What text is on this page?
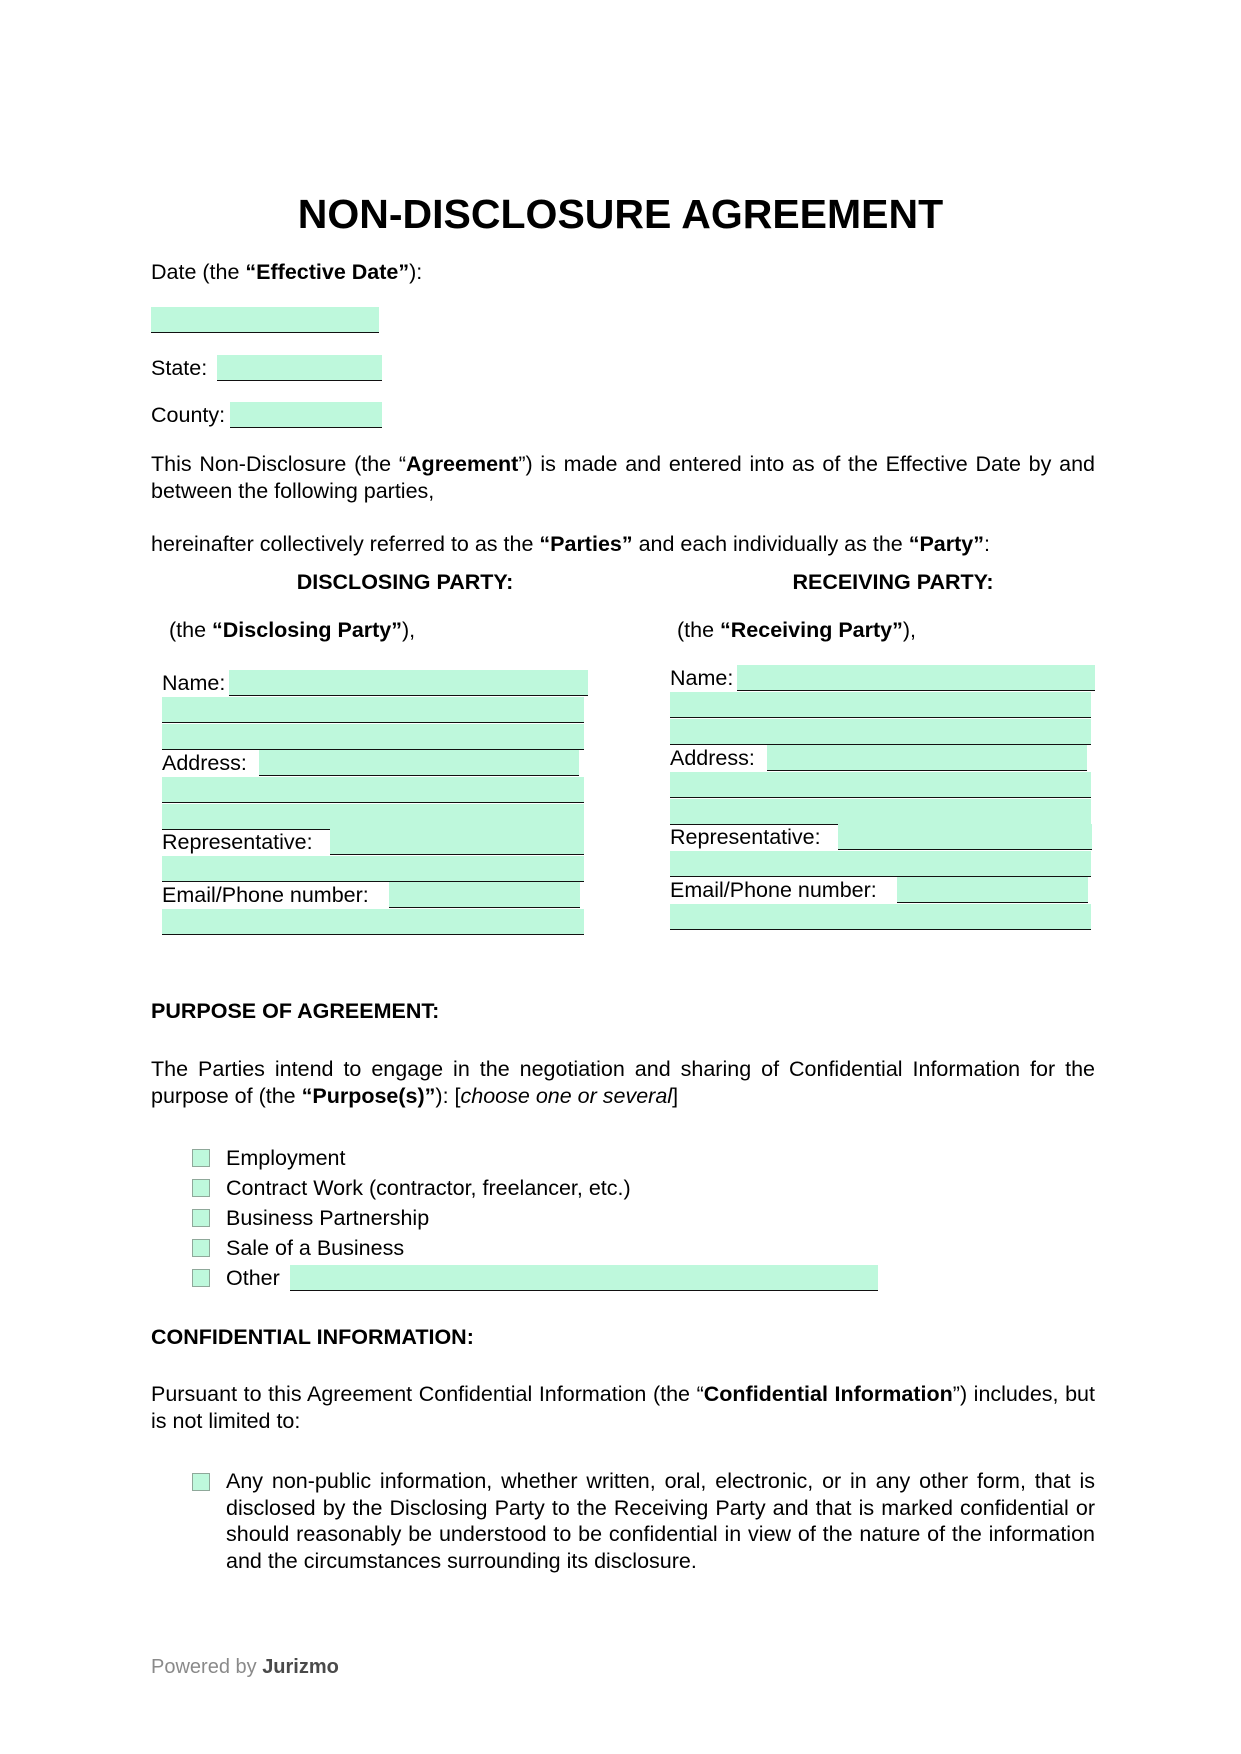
NON-DISCLOSURE AGREEMENT
Date (the “Effective Date”):
State:
County:
This Non-Disclosure (the “Agreement”) is made and entered into as of the Effective Date by and between the following parties,
hereinafter collectively referred to as the “Parties” and each individually as the “Party”:
DISCLOSING PARTY:
(the “Disclosing Party”),
Name:
Address:
Representative:
Email/Phone number:
RECEIVING PARTY:
(the “Receiving Party”),
Name:
Address:
Representative:
Email/Phone number:
PURPOSE OF AGREEMENT:
The Parties intend to engage in the negotiation and sharing of Confidential Information for the purpose of (the “Purpose(s)”): [choose one or several]
Employment
Contract Work (contractor, freelancer, etc.)
Business Partnership
Sale of a Business
Other
CONFIDENTIAL INFORMATION:
Pursuant to this Agreement Confidential Information (the “Confidential Information”) includes, but is not limited to:
Any non-public information, whether written, oral, electronic, or in any other form, that is disclosed by the Disclosing Party to the Receiving Party and that is marked confidential or should reasonably be understood to be confidential in view of the nature of the information and the circumstances surrounding its disclosure.
Powered by Jurizmo
